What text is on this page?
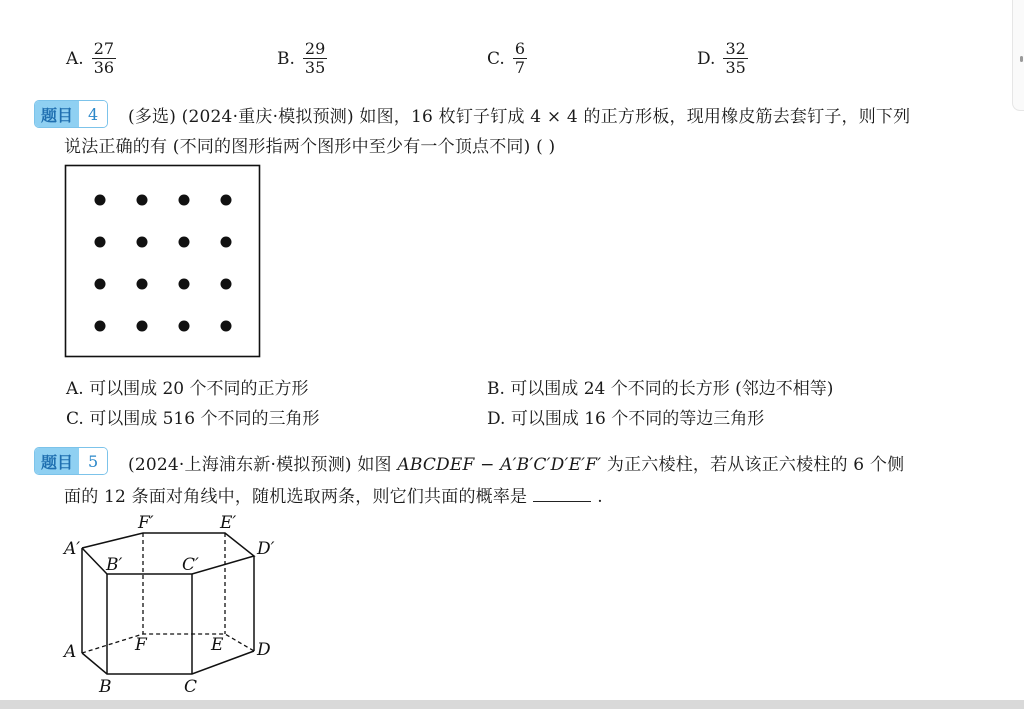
A. $\frac{27}{36}$	B. $\frac{29}{35}$	C. $\frac{6}{7}$	D. $\frac{32}{35}$
题目 4	(多选) (2024·重庆·模拟预测) 如图，16 枚钉子钉成 4 × 4 的正方形板，现用橡皮筋去套钉子，则下列
说法正确的有 (不同的图形指两个图形中至少有一个顶点不同) ( )
A. 可以围成 20 个不同的正方形	B. 可以围成 24 个不同的长方形 (邻边不相等)
C. 可以围成 516 个不同的三角形	D. 可以围成 16 个不同的等边三角形
题目 5	(2024·上海浦东新·模拟预测) 如图 ABCDEF − A′B′C′D′E′F′ 为正六棱柱，若从该正六棱柱的 6 个侧
面的 12 条面对角线中，随机选取两条，则它们共面的概率是	.
A′
B′	C′
D′
E′
F′
A
B	C
D
E
F
